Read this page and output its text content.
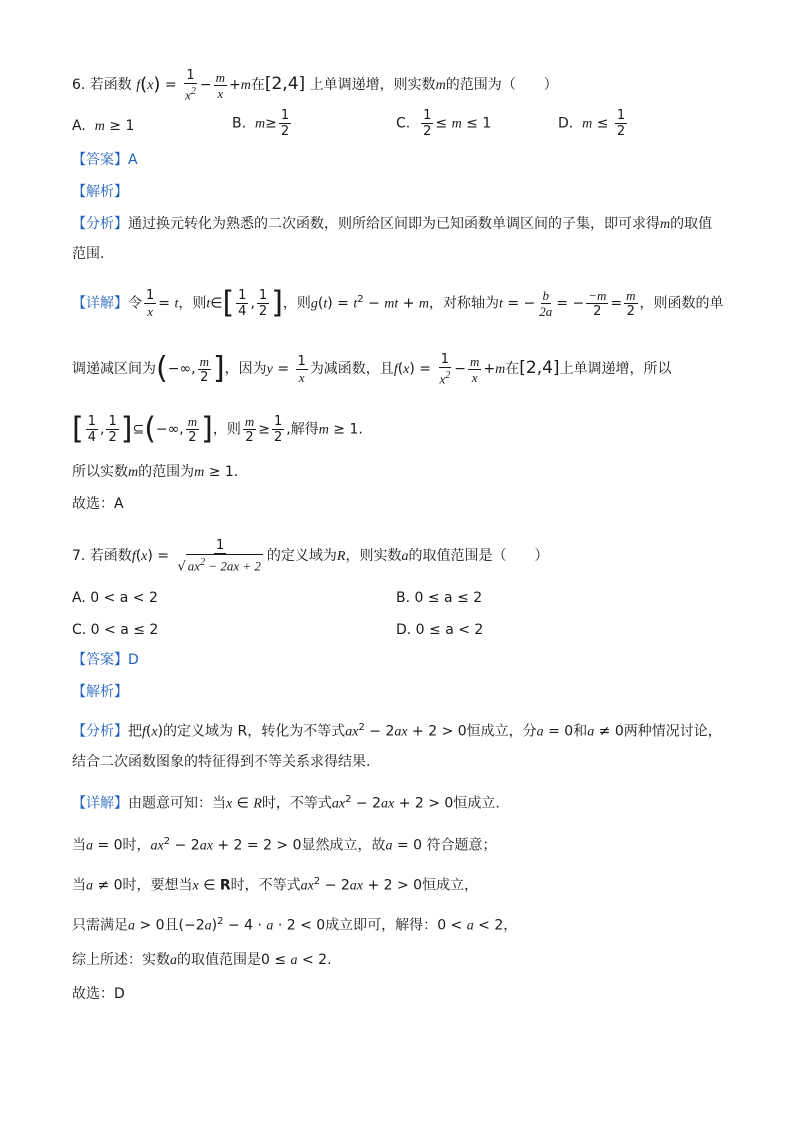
6. 若函数 $f(x) = \frac{1}{x^2} - \frac{m}{x} +m$在[2,4] 上单调递增，则实数m的范围为（　　）
A. m ≥ 1	B. $m\ge \frac{1}{2}$	C. $\frac{1}{2} \le m \le 1$	D. $m \le \frac{1}{2}$
【答案】A
【解析】
【分析】通过换元转化为熟悉的二次函数，则所给区间即为已知函数单调区间的子集，即可求得m的取值
范围.
【详解】令 $\frac{1}{x} = t$，则t∈[ $\frac{1}{4}$ , $\frac{1}{2}$ ]，则$g(t) = t^2$ − mt + m，对称轴为t = − $\frac{b}{2a}$ = − $\frac{-m}{2} = \frac{m}{2}$ ，则函数的单
调递减区间为(−∞, $\frac{m}{2}$ ]，因为$y = \frac{1}{x}$ 为减函数，且$f(x) = \frac{1}{x^2} - \frac{m}{x} +m$在[2,4]上单调递增，所以
[ $\frac{1}{4}$ , $\frac{1}{2}$ ]⊆(−∞, $\frac{m}{2}$ ]，则 $\frac{m}{2} \ge \frac{1}{2}$ ,解得m ≥ 1.
所以实数m的范围为m ≥ 1.
故选：A
7. 若函数$f(x) = \frac{1}{√ ax^2 - 2ax + 2}$ 的定义域为R，则实数a的取值范围是（　　）
A. 0 < a < 2	B. 0 ≤ a ≤ 2
C. 0 < a ≤ 2	D. 0 ≤ a < 2
【答案】D
【解析】
【分析】把f(x)的定义域为 R，转化为不等式$ax^2 - 2ax + 2 > 0$恒成立，分a = 0和a ≠ 0两种情况讨论，
结合二次函数图象的特征得到不等关系求得结果.
【详解】由题意可知：当x ∈ R时，不等式$ax^2 - 2ax + 2 > 0$恒成立.
当a = 0时，$ax^2 - 2ax + 2 = 2 > 0$显然成立，故a = 0 符合题意；
当a ≠ 0时，要想当x ∈ R时，不等式$ax^2 - 2ax + 2 > 0$恒成立，
只需满足a > 0且$(-2a)^2 - 4 \cdot a \cdot 2 < 0$成立即可，解得：0 < a < 2，
综上所述：实数a的取值范围是0 ≤ a < 2.
故选：D
